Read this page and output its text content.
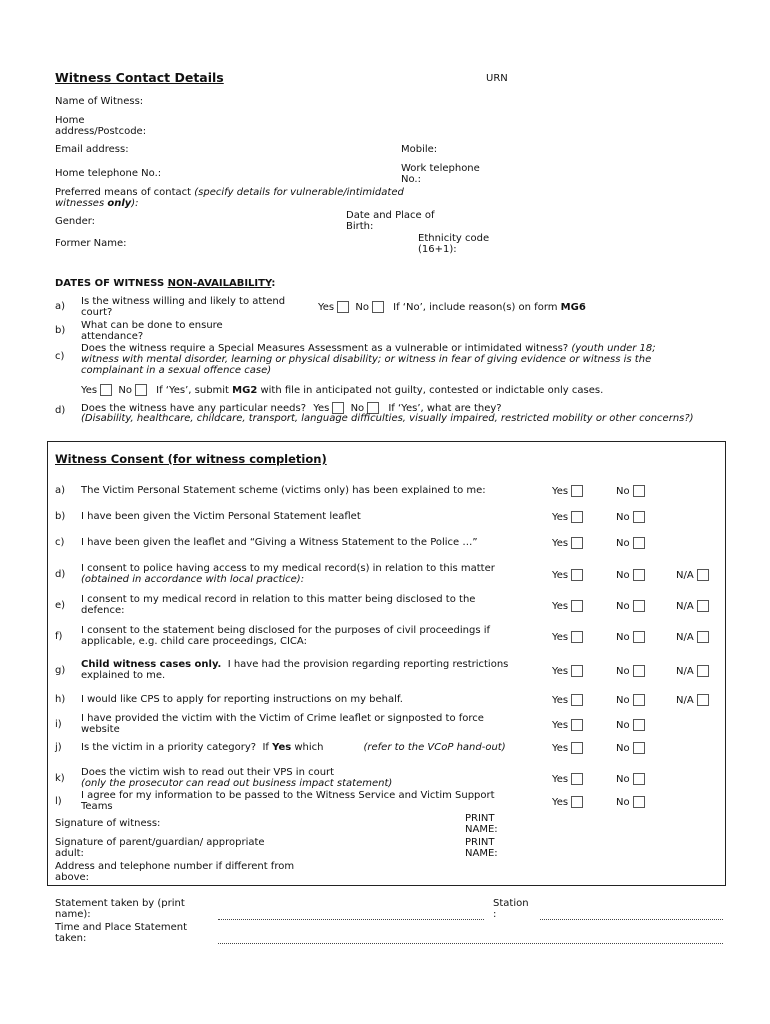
Witness Contact Details	URN
Name of Witness:
Home
address/Postcode:
Email address:	Mobile:
Work telephone
No.:
Home telephone No.:
Preferred means of contact (specify details for vulnerable/intimidated
witnesses only):
Date and Place of
Birth:
Gender:
Ethnicity code
(16+1):
Former Name:
DATES OF WITNESS NON-AVAILABILITY:
a) Is the witness willing and likely to attend
court?	Yes No If ‘No’, include reason(s) on form MG6
b) What can be done to ensure
attendance?
c)
Does the witness require a Special Measures Assessment as a vulnerable or intimidated witness? (youth under 18;
witness with mental disorder, learning or physical disability; or witness in fear of giving evidence or witness is the
complainant in a sexual offence case)
Yes No If ‘Yes’, submit MG2 with file in anticipated not guilty, contested or indictable only cases.
d) Does the witness have any particular needs? Yes No If ‘Yes’, what are they?
(Disability, healthcare, childcare, transport, language difficulties, visually impaired, restricted mobility or other concerns?)
Witness Consent (for witness completion)
a) The Victim Personal Statement scheme (victims only) has been explained to me:	Yes	No
b) I have been given the Victim Personal Statement leaflet	Yes	No
c) I have been given the leaflet and “Giving a Witness Statement to the Police …”	Yes	No
d)
I consent to police having access to my medical record(s) in relation to this matter
(obtained in accordance with local practice):	Yes	No	N/A
e)
I consent to my medical record in relation to this matter being disclosed to the
defence:	Yes	No	N/A
f)
I consent to the statement being disclosed for the purposes of civil proceedings if
applicable, e.g. child care proceedings, CICA:	Yes	No	N/A
g)
Child witness cases only.  I have had the provision regarding reporting restrictions
explained to me.	Yes	No	N/A
h) I would like CPS to apply for reporting instructions on my behalf.	Yes	No	N/A
i)
I have provided the victim with the Victim of Crime leaflet or signposted to force
website	Yes	No
j) Is the victim in a priority category?  If Yes which	(refer to the VCoP hand-out)	Yes	No
k)
Does the victim wish to read out their VPS in court
(only the prosecutor can read out business impact statement)	Yes	No
l)
I agree for my information to be passed to the Witness Service and Victim Support
Teams	Yes	No
Signature of witness:	PRINT
NAME:
Signature of parent/guardian/ appropriate
adult:
PRINT
NAME:
Address and telephone number if different from
above:
Statement taken by (print
name):
Station
:
Time and Place Statement
taken:
